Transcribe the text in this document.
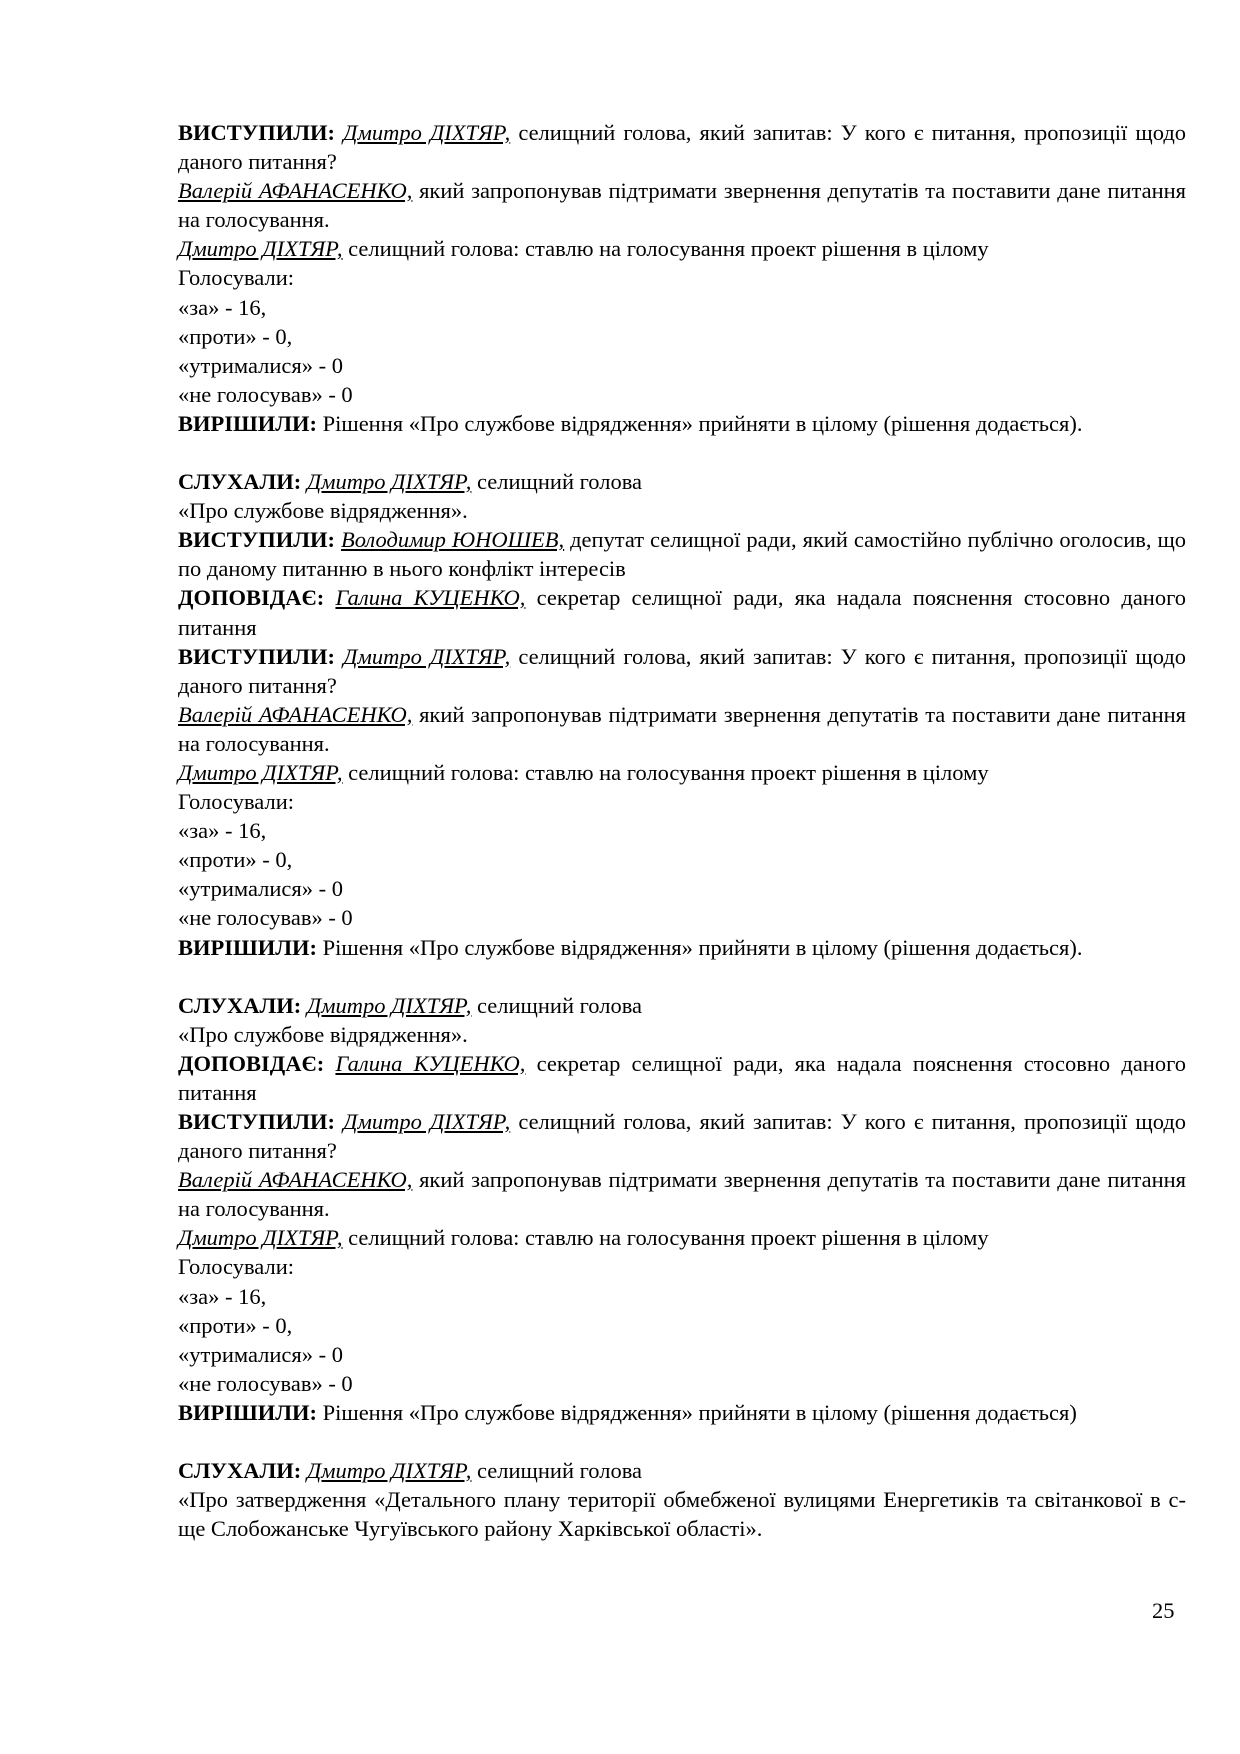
ВИСТУПИЛИ: Дмитро ДІХТЯР, селищний голова, який запитав: У кого є питання, пропозиції щодо даного питання?

Валерій АФАНАСЕНКО, який запропонував підтримати звернення депутатів та поставити дане питання на голосування.

Дмитро ДІХТЯР, селищний голова: ставлю на голосування проект рішення в цілому

Голосували:

«за» - 16,

«проти» - 0,

«утрималися» - 0

«не голосував» - 0

ВИРІШИЛИ: Рішення «Про службове відрядження» прийняти в цілому (рішення додається).

СЛУХАЛИ: Дмитро ДІХТЯР, селищний голова

«Про службове відрядження».

ВИСТУПИЛИ: Володимир ЮНОШЕВ, депутат селищної ради, який самостійно публічно оголосив, що по даному питанню в нього конфлікт інтересів

ДОПОВІДАЄ: Галина КУЦЕНКО, секретар селищної ради, яка надала пояснення стосовно даного питання

ВИСТУПИЛИ: Дмитро ДІХТЯР, селищний голова, який запитав: У кого є питання, пропозиції щодо даного питання?

Валерій АФАНАСЕНКО, який запропонував підтримати звернення депутатів та поставити дане питання на голосування.

Дмитро ДІХТЯР, селищний голова: ставлю на голосування проект рішення в цілому

Голосували:

«за» - 16,

«проти» - 0,

«утрималися» - 0

«не голосував» - 0

ВИРІШИЛИ: Рішення «Про службове відрядження» прийняти в цілому (рішення додається).

СЛУХАЛИ: Дмитро ДІХТЯР, селищний голова

«Про службове відрядження».

ДОПОВІДАЄ: Галина КУЦЕНКО, секретар селищної ради, яка надала пояснення стосовно даного питання

ВИСТУПИЛИ: Дмитро ДІХТЯР, селищний голова, який запитав: У кого є питання, пропозиції щодо даного питання?

Валерій АФАНАСЕНКО, який запропонував підтримати звернення депутатів та поставити дане питання на голосування.

Дмитро ДІХТЯР, селищний голова: ставлю на голосування проект рішення в цілому

Голосували:

«за» - 16,

«проти» - 0,

«утрималися» - 0

«не голосував» - 0

ВИРІШИЛИ: Рішення «Про службове відрядження» прийняти в цілому (рішення додається)

СЛУХАЛИ: Дмитро ДІХТЯР, селищний голова

«Про затвердження «Детального плану території обмебженої вулицями Енергетиків та світанкової в с-ще Слобожанське Чугуївського району Харківської області».

25
